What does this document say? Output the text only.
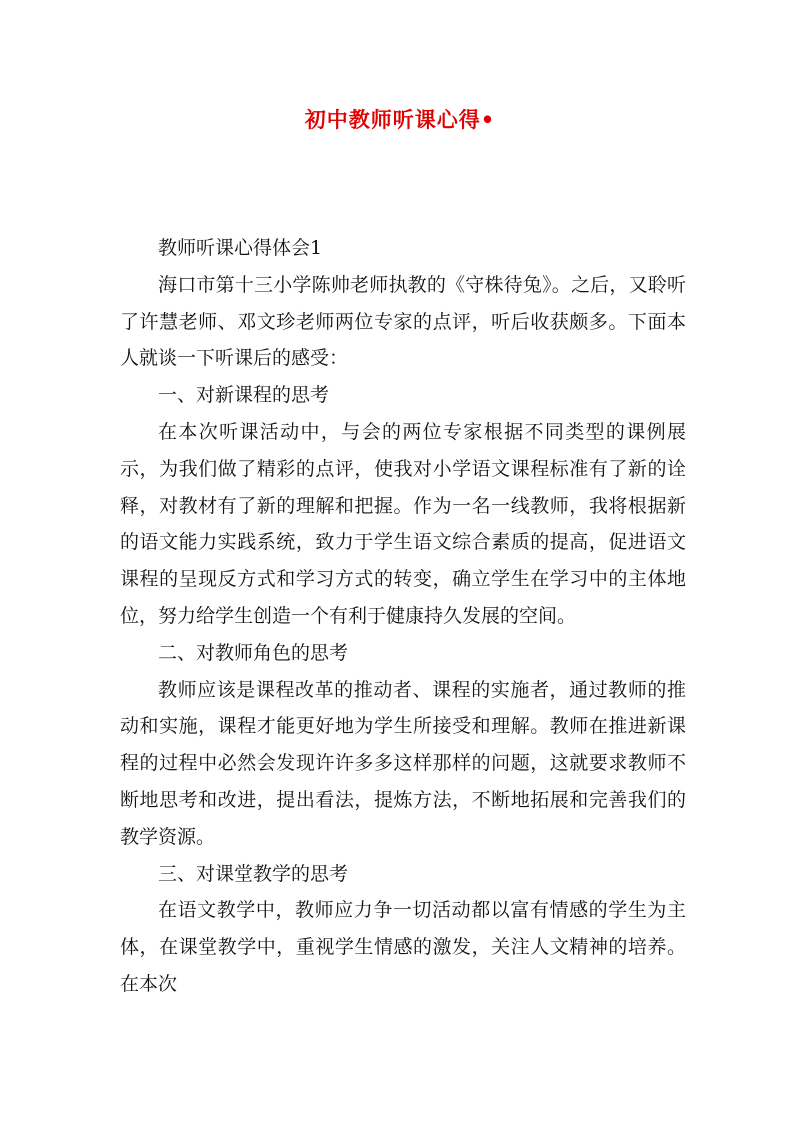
初中教师听课心得•

教师听课心得体会1

海口市第十三小学陈帅老师执教的《守株待兔》。之后，又聆听了许慧老师、邓文珍老师两位专家的点评，听后收获颇多。下面本人就谈一下听课后的感受：

一、对新课程的思考

在本次听课活动中，与会的两位专家根据不同类型的课例展示，为我们做了精彩的点评，使我对小学语文课程标准有了新的诠释，对教材有了新的理解和把握。作为一名一线教师，我将根据新的语文能力实践系统，致力于学生语文综合素质的提高，促进语文课程的呈现反方式和学习方式的转变，确立学生在学习中的主体地位，努力给学生创造一个有利于健康持久发展的空间。

二、对教师角色的思考

教师应该是课程改革的推动者、课程的实施者，通过教师的推动和实施，课程才能更好地为学生所接受和理解。教师在推进新课程的过程中必然会发现许许多多这样那样的问题，这就要求教师不断地思考和改进，提出看法，提炼方法，不断地拓展和完善我们的教学资源。

三、对课堂教学的思考

在语文教学中，教师应力争一切活动都以富有情感的学生为主体，在课堂教学中，重视学生情感的激发，关注人文精神的培养。在本次
